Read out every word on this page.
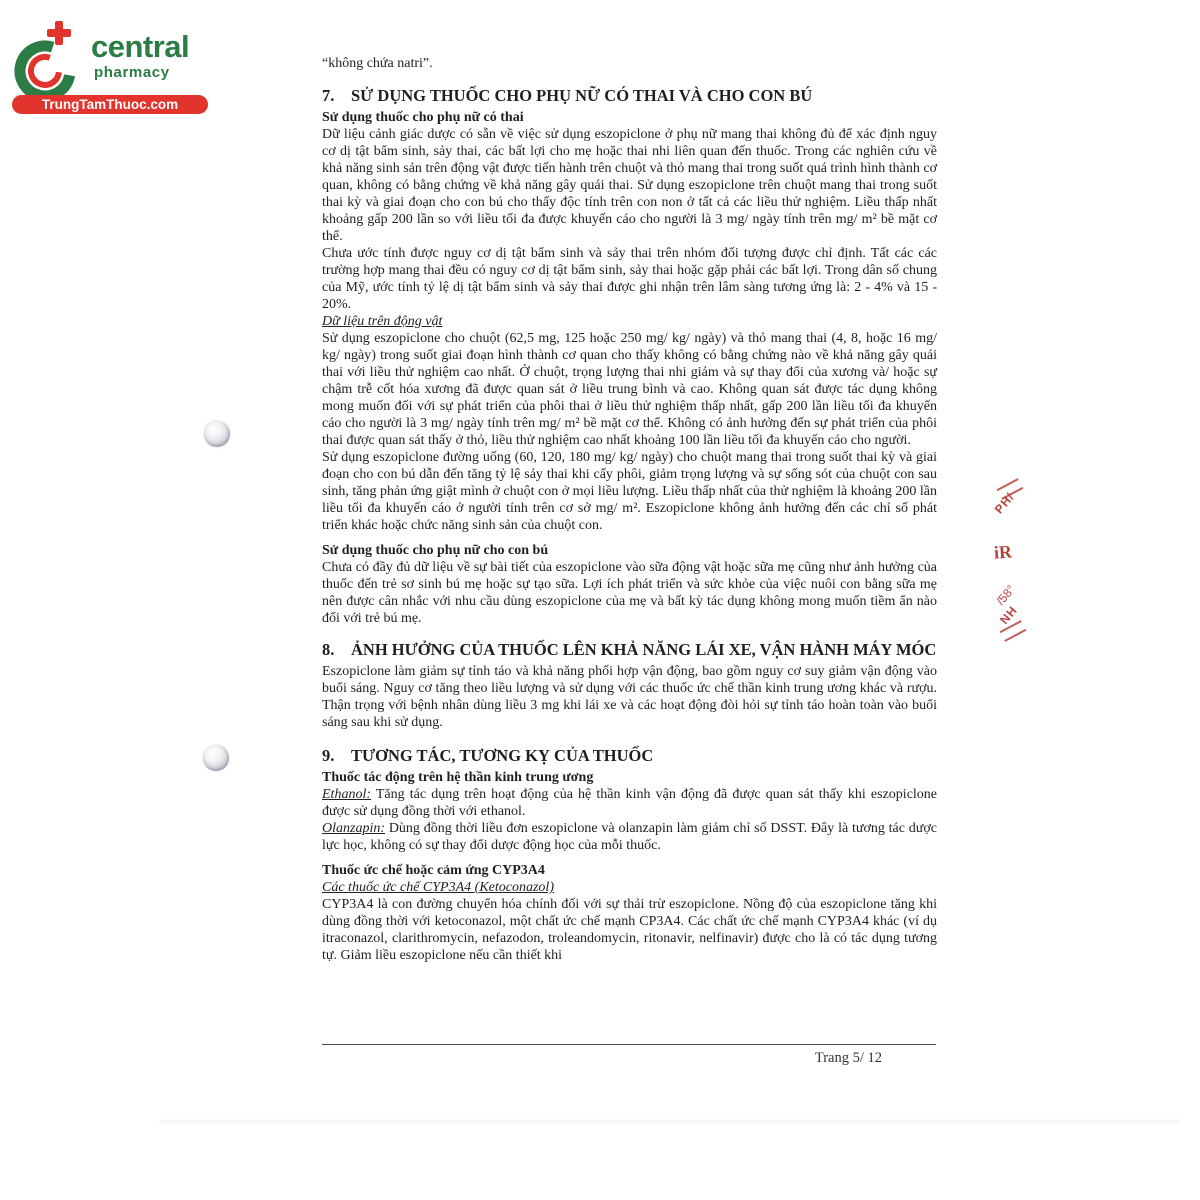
central
pharmacy
TrungTamThuoc.com

“không chứa natri”.

7. SỬ DỤNG THUỐC CHO PHỤ NỮ CÓ THAI VÀ CHO CON BÚ

Sử dụng thuốc cho phụ nữ có thai

Dữ liệu cảnh giác dược có sẵn về việc sử dụng eszopiclone ở phụ nữ mang thai không đủ để xác định nguy cơ dị tật bẩm sinh, sảy thai, các bất lợi cho mẹ hoặc thai nhi liên quan đến thuốc. Trong các nghiên cứu về khả năng sinh sản trên động vật được tiến hành trên chuột và thỏ mang thai trong suốt quá trình hình thành cơ quan, không có bằng chứng về khả năng gây quái thai. Sử dụng eszopiclone trên chuột mang thai trong suốt thai kỳ và giai đoạn cho con bú cho thấy độc tính trên con non ở tất cả các liều thử nghiệm. Liều thấp nhất khoảng gấp 200 lần so với liều tối đa được khuyến cáo cho người là 3 mg/ ngày tính trên mg/ m² bề mặt cơ thể.

Chưa ước tính được nguy cơ dị tật bẩm sinh và sảy thai trên nhóm đối tượng được chỉ định. Tất các các trường hợp mang thai đều có nguy cơ dị tật bẩm sinh, sảy thai hoặc gặp phải các bất lợi. Trong dân số chung của Mỹ, ước tính tỷ lệ dị tật bẩm sinh và sảy thai được ghi nhận trên lâm sàng tương ứng là: 2 - 4% và 15 - 20%.

Dữ liệu trên động vật

Sử dụng eszopiclone cho chuột (62,5 mg, 125 hoặc 250 mg/ kg/ ngày) và thỏ mang thai (4, 8, hoặc 16 mg/ kg/ ngày) trong suốt giai đoạn hình thành cơ quan cho thấy không có bằng chứng nào về khả năng gây quái thai với liều thử nghiệm cao nhất. Ở chuột, trọng lượng thai nhi giảm và sự thay đổi của xương và/ hoặc sự chậm trễ cốt hóa xương đã được quan sát ở liều trung bình và cao. Không quan sát được tác dụng không mong muốn đối với sự phát triển của phôi thai ở liều thử nghiệm thấp nhất, gấp 200 lần liều tối đa khuyến cáo cho người là 3 mg/ ngày tính trên mg/ m² bề mặt cơ thể. Không có ảnh hưởng đến sự phát triển của phôi thai được quan sát thấy ở thỏ, liều thử nghiệm cao nhất khoảng 100 lần liều tối đa khuyến cáo cho người.

Sử dụng eszopiclone đường uống (60, 120, 180 mg/ kg/ ngày) cho chuột mang thai trong suốt thai kỳ và giai đoạn cho con bú dẫn đến tăng tỷ lệ sảy thai khi cấy phôi, giảm trọng lượng và sự sống sót của chuột con sau sinh, tăng phản ứng giật mình ở chuột con ở mọi liều lượng. Liều thấp nhất của thử nghiệm là khoảng 200 lần liều tối đa khuyến cáo ở người tính trên cơ sở mg/ m². Eszopiclone không ảnh hưởng đến các chỉ số phát triển khác hoặc chức năng sinh sản của chuột con.

Sử dụng thuốc cho phụ nữ cho con bú

Chưa có đầy đủ dữ liệu về sự bài tiết của eszopiclone vào sữa động vật hoặc sữa mẹ cũng như ảnh hưởng của thuốc đến trẻ sơ sinh bú mẹ hoặc sự tạo sữa. Lợi ích phát triển và sức khỏe của việc nuôi con bằng sữa mẹ nên được cân nhắc với nhu cầu dùng eszopiclone của mẹ và bất kỳ tác dụng không mong muốn tiềm ẩn nào đối với trẻ bú mẹ.

8. ẢNH HƯỞNG CỦA THUỐC LÊN KHẢ NĂNG LÁI XE, VẬN HÀNH MÁY MÓC

Eszopiclone làm giảm sự tỉnh táo và khả năng phối hợp vận động, bao gồm nguy cơ suy giảm vận động vào buổi sáng. Nguy cơ tăng theo liều lượng và sử dụng với các thuốc ức chế thần kinh trung ương khác và rượu. Thận trọng với bệnh nhân dùng liều 3 mg khi lái xe và các hoạt động đòi hỏi sự tỉnh táo hoàn toàn vào buổi sáng sau khi sử dụng.

9. TƯƠNG TÁC, TƯƠNG KỴ CỦA THUỐC

Thuốc tác động trên hệ thần kinh trung ương

Ethanol: Tăng tác dụng trên hoạt động của hệ thần kinh vận động đã được quan sát thấy khi eszopiclone được sử dụng đồng thời với ethanol.

Olanzapin: Dùng đồng thời liều đơn eszopiclone và olanzapin làm giảm chỉ số DSST. Đây là tương tác dược lực học, không có sự thay đổi dược động học của mỗi thuốc.

Thuốc ức chế hoặc cảm ứng CYP3A4

Các thuốc ức chế CYP3A4 (Ketoconazol)

CYP3A4 là con đường chuyển hóa chính đối với sự thải trừ eszopiclone. Nồng độ của eszopiclone tăng khi dùng đồng thời với ketoconazol, một chất ức chế mạnh CP3A4. Các chất ức chế mạnh CYP3A4 khác (ví dụ itraconazol, clarithromycin, nefazodon, troleandomycin, ritonavir, nelfinavir) được cho là có tác dụng tương tự. Giảm liều eszopiclone nếu cần thiết khi

Trang 5/ 12
PH/
iR
/58°
NH
